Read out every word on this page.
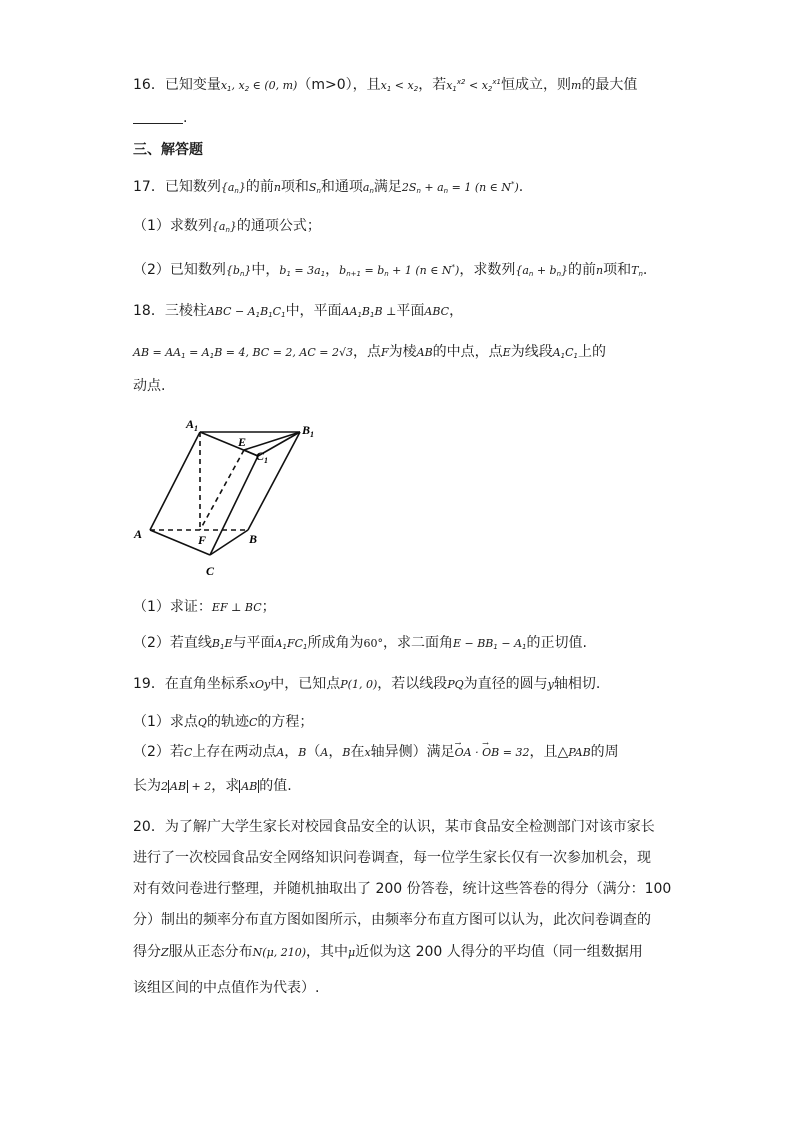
16．已知变量$x_1$, $x_2$ ∈ (0, m)（m>0），且$x_1 < x_2$，若$x_1^{x2} < x_2^{x1}$恒成立，则m的最大值
.
三、解答题
17．已知数列$\{a_n\}$的前n项和$S_n$和通项$a_n$满足$2S_n + a_n = 1$ (n ∈ N*).
（1）求数列$\{a_n\}$的通项公式；
（2）已知数列$\{b_n\}$中，$b_1 = 3a_1$，$b_{n+1} = b_n + 1$ (n ∈ N*)，求数列$\{a_n + b_n\}$的前n项和$T_n$.
18．三棱柱ABC − $A_1B_1C_1$中，平面$AA_1B_1B$ ⊥平面ABC，
AB = $AA_1 = A_1B = 4$, BC = 2, AC = 2√3，点F为棱AB的中点，点E为线段$A_1C_1$上的
动点.
$A_1$	$B_1$
E
$C_1$
A	F	B
C
（1）求证：EF ⊥ BC；
（2）若直线$B_1E$与平面$A_1FC_1$所成角为60°，求二面角$E - BB_1 - A_1$的正切值.
19．在直角坐标系xOy中，已知点P(1, 0)，若以线段PQ为直径的圆与y轴相切.
（1）求点Q的轨迹C的方程；
（2）若C上存在两动点A，B（A，B在x轴异侧）满足→ OA · → OB = 32，且△PAB的周
长为2 AB + 2，求 AB 的值.
20．为了解广大学生家长对校园食品安全的认识，某市食品安全检测部门对该市家长
进行了一次校园食品安全网络知识问卷调查，每一位学生家长仅有一次参加机会，现
对有效问卷进行整理，并随机抽取出了 200 份答卷，统计这些答卷的得分（满分：100
分）制出的频率分布直方图如图所示，由频率分布直方图可以认为，此次问卷调查的
得分Z服从正态分布N(μ, 210)，其中μ近似为这 200 人得分的平均值（同一组数据用
该组区间的中点值作为代表）.
